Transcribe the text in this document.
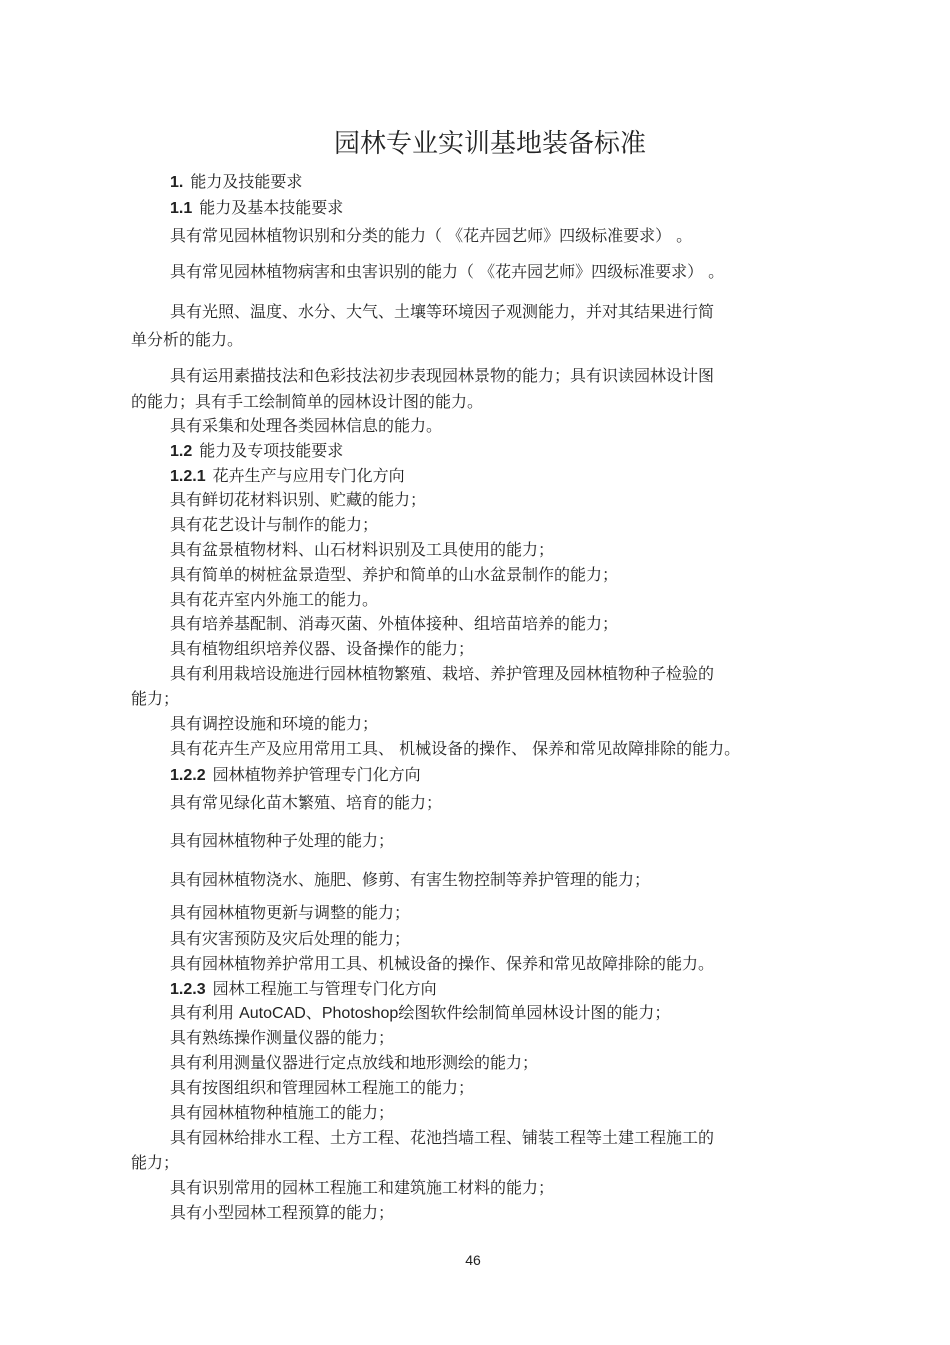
园林专业实训基地装备标准
1. 能力及技能要求
1.1 能力及基本技能要求
具有常见园林植物识别和分类的能力（ 《花卉园艺师》四级标准要求） 。
具有常见园林植物病害和虫害识别的能力（ 《花卉园艺师》四级标准要求） 。
具有光照、温度、水分、大气、土壤等环境因子观测能力，并对其结果进行简
单分析的能力。
具有运用素描技法和色彩技法初步表现园林景物的能力；具有识读园林设计图
的能力；具有手工绘制简单的园林设计图的能力。
具有采集和处理各类园林信息的能力。
1.2 能力及专项技能要求
1.2.1 花卉生产与应用专门化方向
具有鲜切花材料识别、贮藏的能力；
具有花艺设计与制作的能力；
具有盆景植物材料、山石材料识别及工具使用的能力；
具有简单的树桩盆景造型、养护和简单的山水盆景制作的能力；
具有花卉室内外施工的能力。
具有培养基配制、消毒灭菌、外植体接种、组培苗培养的能力；
具有植物组织培养仪器、设备操作的能力；
具有利用栽培设施进行园林植物繁殖、栽培、养护管理及园林植物种子检验的
能力；
具有调控设施和环境的能力；
具有花卉生产及应用常用工具、 机械设备的操作、 保养和常见故障排除的能力。
1.2.2 园林植物养护管理专门化方向
具有常见绿化苗木繁殖、培育的能力；
具有园林植物种子处理的能力；
具有园林植物浇水、施肥、修剪、有害生物控制等养护管理的能力；
具有园林植物更新与调整的能力；
具有灾害预防及灾后处理的能力；
具有园林植物养护常用工具、机械设备的操作、保养和常见故障排除的能力。
1.2.3 园林工程施工与管理专门化方向
具有利用 AutoCAD、Photoshop绘图软件绘制简单园林设计图的能力；
具有熟练操作测量仪器的能力；
具有利用测量仪器进行定点放线和地形测绘的能力；
具有按图组织和管理园林工程施工的能力；
具有园林植物种植施工的能力；
具有园林给排水工程、土方工程、花池挡墙工程、铺装工程等土建工程施工的
能力；
具有识别常用的园林工程施工和建筑施工材料的能力；
具有小型园林工程预算的能力；
46
